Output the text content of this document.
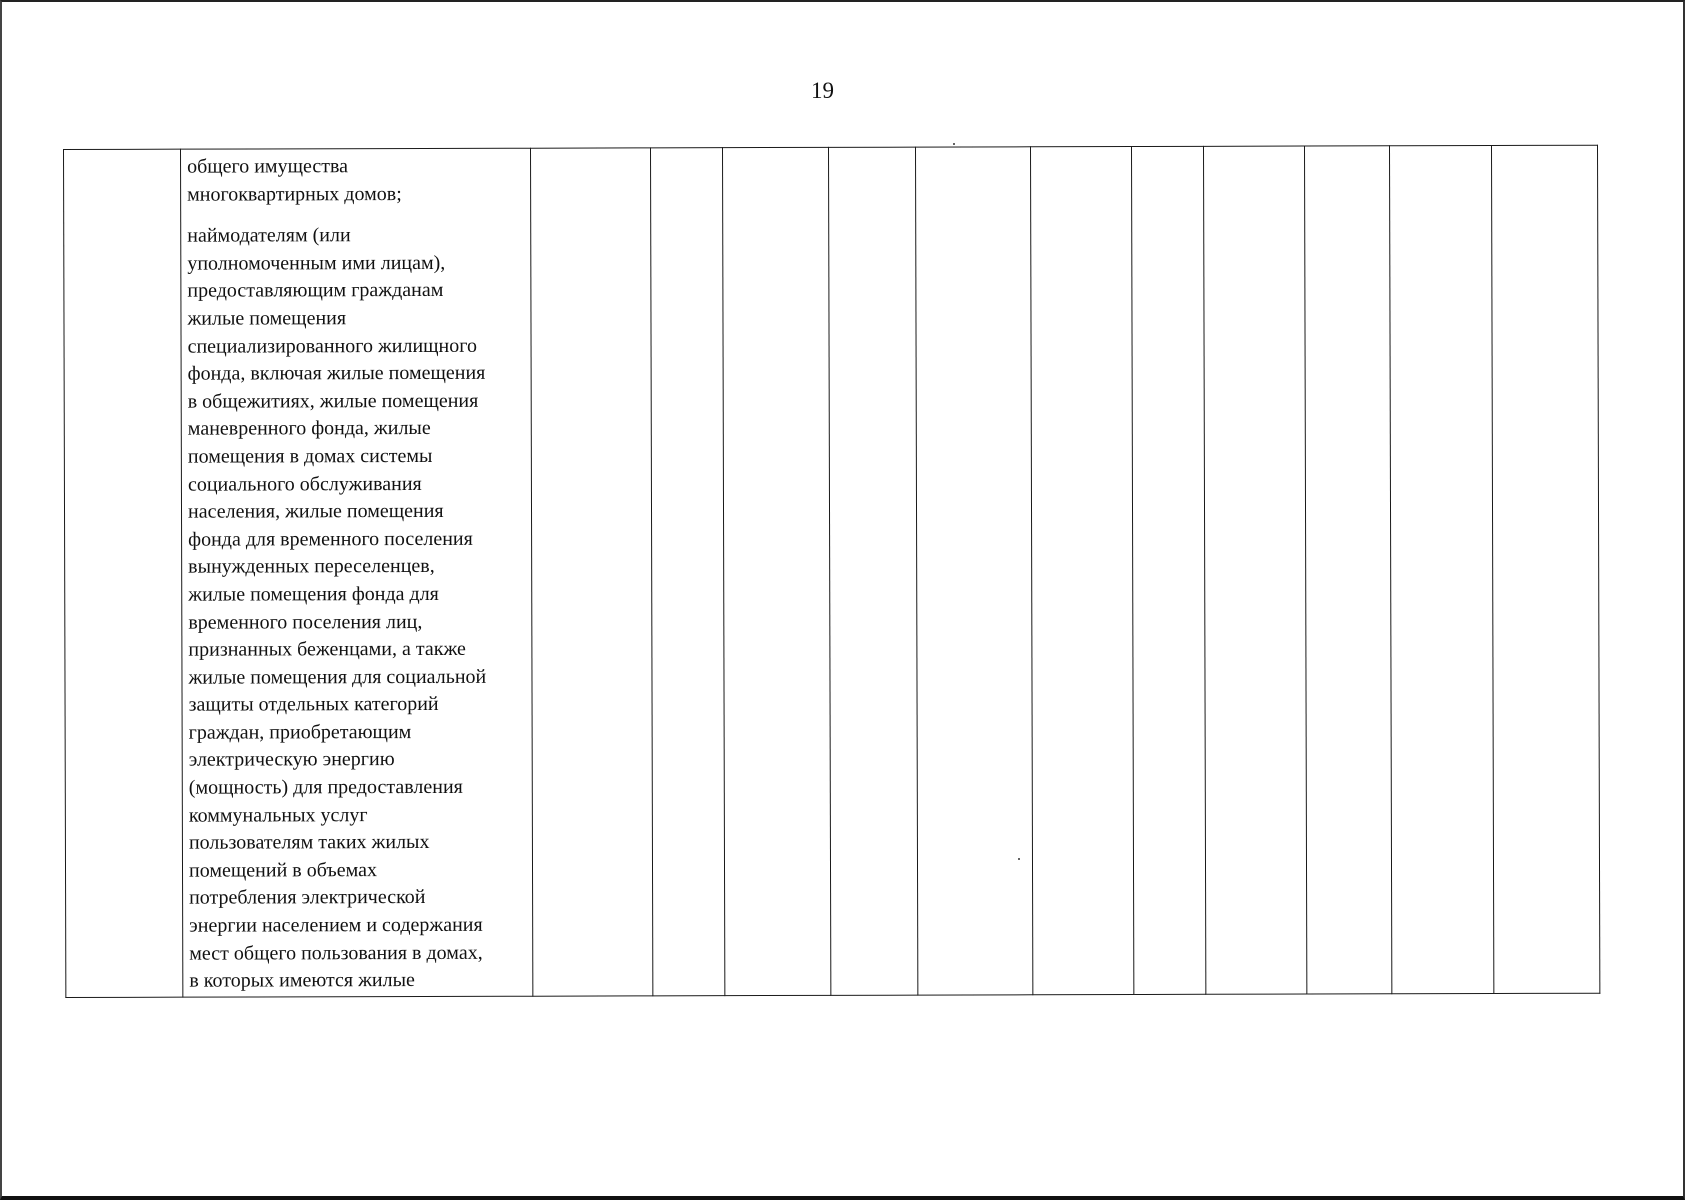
19

общего имущества
многоквартирных домов;

наймодателям (или
уполномоченным ими лицам),
предоставляющим гражданам
жилые помещения
специализированного жилищного
фонда, включая жилые помещения
в общежитиях, жилые помещения
маневренного фонда, жилые
помещения в домах системы
социального обслуживания
населения, жилые помещения
фонда для временного поселения
вынужденных переселенцев,
жилые помещения фонда для
временного поселения лиц,
признанных беженцами, а также
жилые помещения для социальной
защиты отдельных категорий
граждан, приобретающим
электрическую энергию
(мощность) для предоставления
коммунальных услуг
пользователям таких жилых
помещений в объемах
потребления электрической
энергии населением и содержания
мест общего пользования в домах,
в которых имеются жилые
